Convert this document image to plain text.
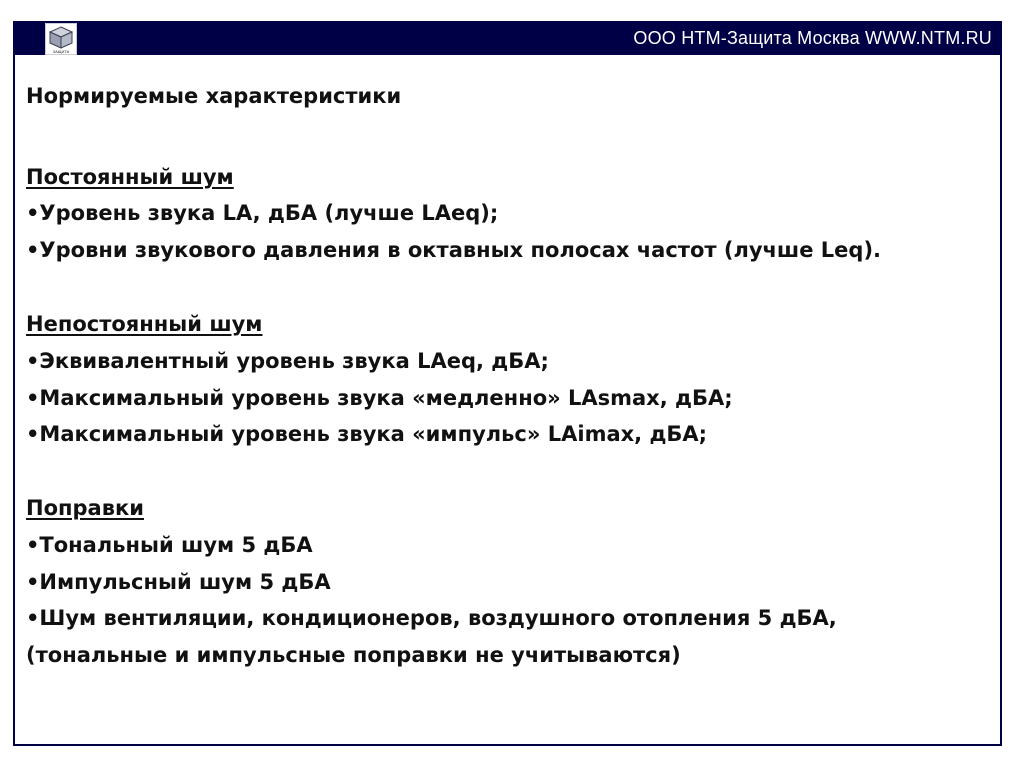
ЗАЩИТА
ООО НТМ-Защита Москва WWW.NTM.RU
Нормируемые характеристики
Постоянный шум
•Уровень звука LA, дБА (лучше LAeq);
•Уровни звукового давления в октавных полосах частот (лучше Leq).
Непостоянный шум
•Эквивалентный уровень звука LAeq, дБА;
•Максимальный уровень звука «медленно» LAsmax, дБА;
•Максимальный уровень звука «импульс» LAimax, дБА;
Поправки
•Тональный шум 5 дБА
•Импульсный шум 5 дБА
•Шум вентиляции, кондиционеров, воздушного отопления 5 дБА,
(тональные и импульсные поправки не учитываются)
